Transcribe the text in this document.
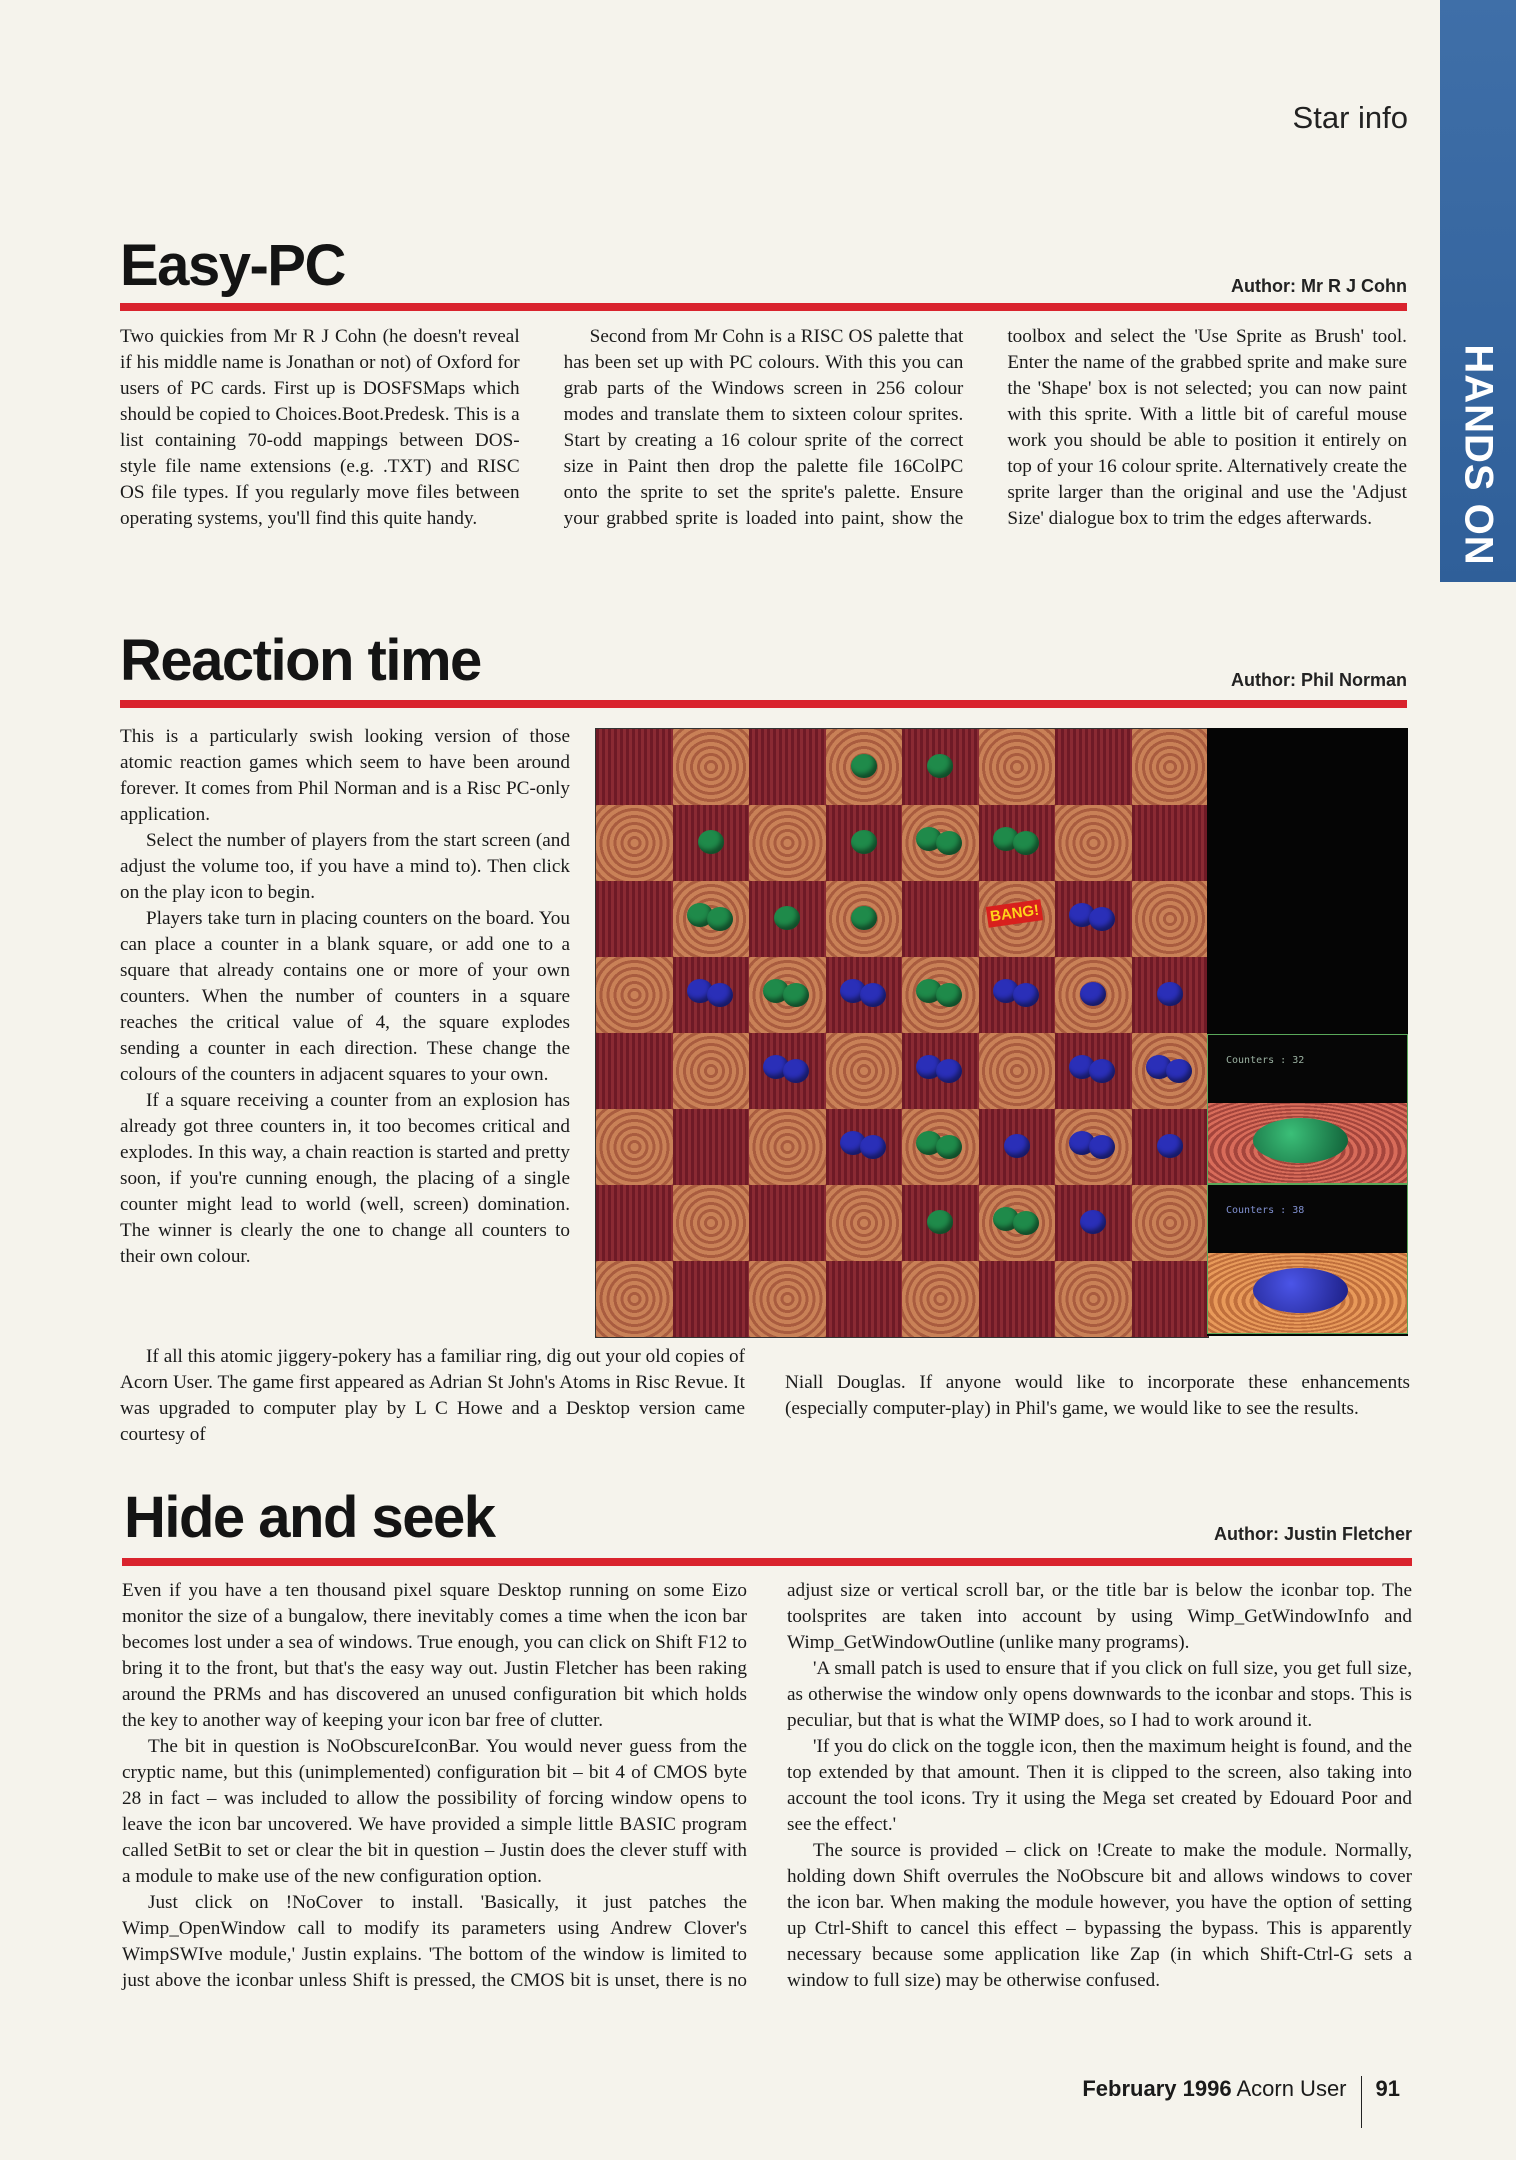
Star info
HANDS ON
Easy-PC	Author: Mr R J Cohn

Two quickies from Mr R J Cohn (he doesn't reveal if his middle name is Jonathan or not) of Oxford for users of PC cards. First up is DOSFSMaps which should be copied to Choices.Boot.Predesk. This is a list containing 70-odd mappings between DOS-style file name extensions (e.g. .TXT) and RISC OS file types. If you regularly move files between operating systems, you'll find this quite handy.

Second from Mr Cohn is a RISC OS palette that has been set up with PC colours. With this you can grab parts of the Windows screen in 256 colour modes and translate them to sixteen colour sprites. Start by creating a 16 colour sprite of the correct size in Paint then drop the palette file 16ColPC onto the sprite to set the sprite's palette. Ensure your grabbed sprite is loaded into paint, show the toolbox and select the 'Use Sprite as Brush' tool. Enter the name of the grabbed sprite and make sure the 'Shape' box is not selected; you can now paint with this sprite. With a little bit of careful mouse work you should be able to position it entirely on top of your 16 colour sprite. Alternatively create the sprite larger than the original and use the 'Adjust Size' dialogue box to trim the edges afterwards.

Reaction time	Author: Phil Norman

This is a particularly swish looking version of those atomic reaction games which seem to have been around forever. It comes from Phil Norman and is a Risc PC-only application.

Select the number of players from the start screen (and adjust the volume too, if you have a mind to). Then click on the play icon to begin.

Players take turn in placing counters on the board. You can place a counter in a blank square, or add one to a square that already contains one or more of your own counters. When the number of counters in a square reaches the critical value of 4, the square explodes sending a counter in each direction. These change the colours of the counters in adjacent squares to your own.

If a square receiving a counter from an explosion has already got three counters in, it too becomes critical and explodes. In this way, a chain reaction is started and pretty soon, if you're cunning enough, the placing of a single counter might lead to world (well, screen) domination. The winner is clearly the one to change all counters to their own colour.

BANG!
Counters : 32
Counters : 38

If all this atomic jiggery-pokery has a familiar ring, dig out your old copies of Acorn User. The game first appeared as Adrian St John's Atoms in Risc Revue. It was upgraded to computer play by L C Howe and a Desktop version came courtesy of

Niall Douglas. If anyone would like to incorporate these enhancements (especially computer-play) in Phil's game, we would like to see the results.

Hide and seek	Author: Justin Fletcher

Even if you have a ten thousand pixel square Desktop running on some Eizo monitor the size of a bungalow, there inevitably comes a time when the icon bar becomes lost under a sea of windows. True enough, you can click on Shift F12 to bring it to the front, but that's the easy way out. Justin Fletcher has been raking around the PRMs and has discovered an unused configuration bit which holds the key to another way of keeping your icon bar free of clutter.

The bit in question is NoObscureIconBar. You would never guess from the cryptic name, but this (unimplemented) configuration bit – bit 4 of CMOS byte 28 in fact – was included to allow the possibility of forcing window opens to leave the icon bar uncovered. We have provided a simple little BASIC program called SetBit to set or clear the bit in question – Justin does the clever stuff with a module to make use of the new configuration option.

Just click on !NoCover to install. 'Basically, it just patches the Wimp_OpenWindow call to modify its parameters using Andrew Clover's WimpSWIve module,' Justin explains. 'The bottom of the window is limited to just above the iconbar unless Shift is pressed, the CMOS bit is unset, there is no adjust size or vertical scroll bar, or the title bar is below the iconbar top. The toolsprites are taken into account by using Wimp_GetWindowInfo and Wimp_GetWindowOutline (unlike many programs).

'A small patch is used to ensure that if you click on full size, you get full size, as otherwise the window only opens downwards to the iconbar and stops. This is peculiar, but that is what the WIMP does, so I had to work around it.

'If you do click on the toggle icon, then the maximum height is found, and the top extended by that amount. Then it is clipped to the screen, also taking into account the tool icons. Try it using the Mega set created by Edouard Poor and see the effect.'

The source is provided – click on !Create to make the module. Normally, holding down Shift overrules the NoObscure bit and allows windows to cover the icon bar. When making the module however, you have the option of setting up Ctrl-Shift to cancel this effect – bypassing the bypass. This is apparently necessary because some application like Zap (in which Shift-Ctrl-G sets a window to full size) may be otherwise confused.

February 1996 Acorn User 91
